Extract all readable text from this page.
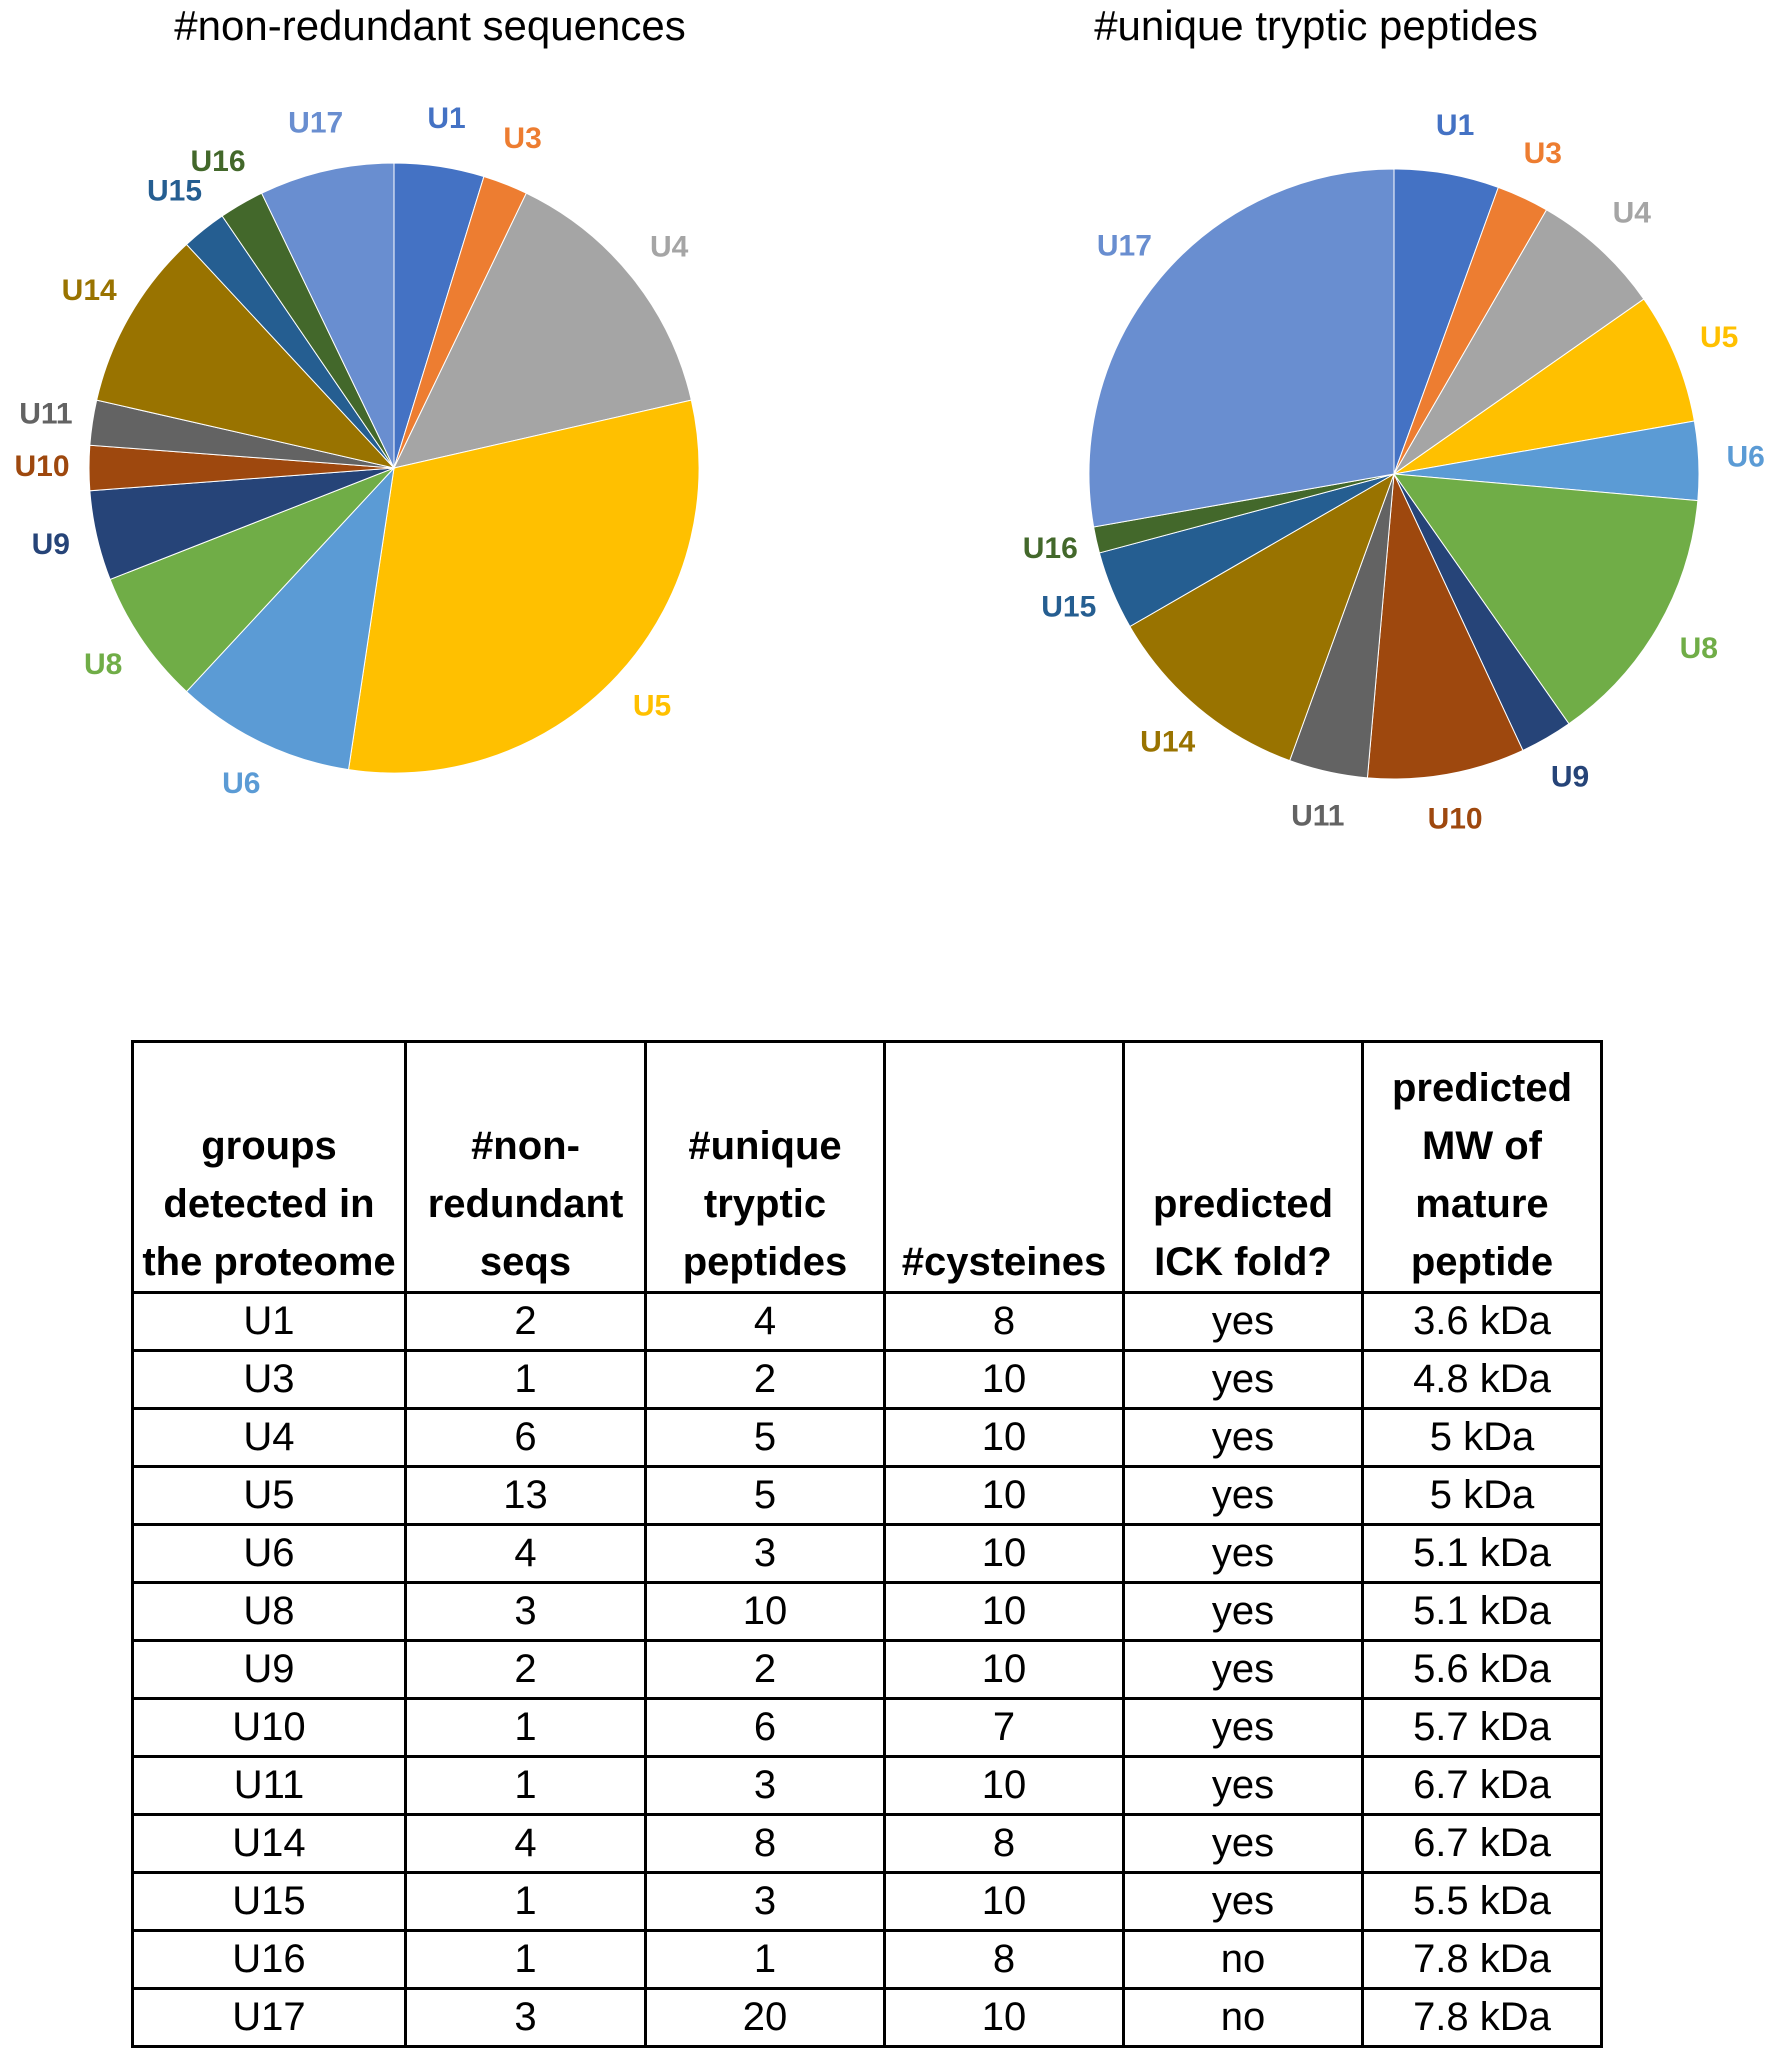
#non-redundant sequences	#unique tryptic peptides
U1
U3
U4
U5
U6
U8
U9
U10
U11
U14
U15
U16
U17	U1
U3
U4
U5
U6
U8
U9
U10
U11
U14
U15
U16
U17
groups detected in the proteome	#non-redundant seqs	#unique tryptic peptides	#cysteines	predicted ICK fold?	predicted MW of mature peptide
U1	2	4	8	yes	3.6 kDa
U3	1	2	10	yes	4.8 kDa
U4	6	5	10	yes	5 kDa
U5	13	5	10	yes	5 kDa
U6	4	3	10	yes	5.1 kDa
U8	3	10	10	yes	5.1 kDa
U9	2	2	10	yes	5.6 kDa
U10	1	6	7	yes	5.7 kDa
U11	1	3	10	yes	6.7 kDa
U14	4	8	8	yes	6.7 kDa
U15	1	3	10	yes	5.5 kDa
U16	1	1	8	no	7.8 kDa
U17	3	20	10	no	7.8 kDa
